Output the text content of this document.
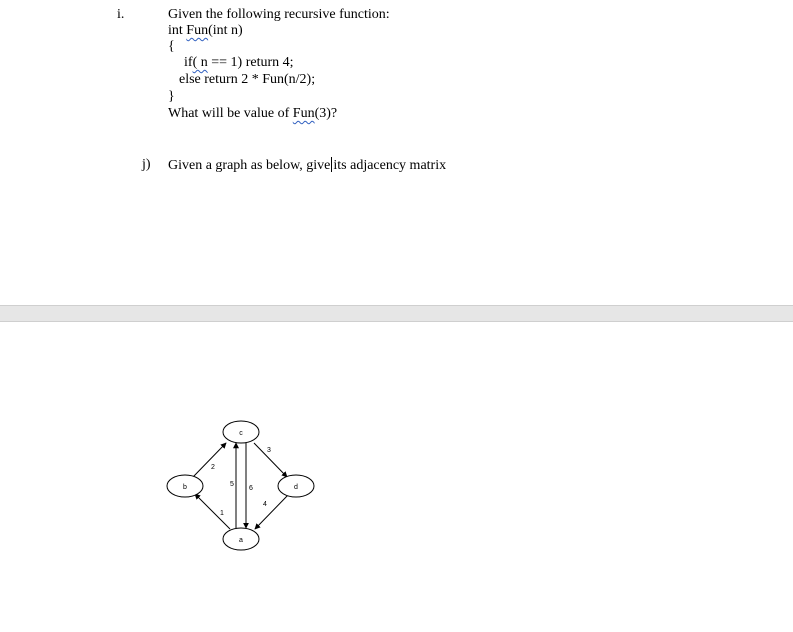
i.	Given the following recursive function:
int Fun(int n)
{
if( n == 1) return 4;
else return 2 * Fun(n/2);
}
What will be value of Fun(3)?
j) Given a graph as below, give its adjacency matrix
2
3
5
6
1
4
c
b	d
a
